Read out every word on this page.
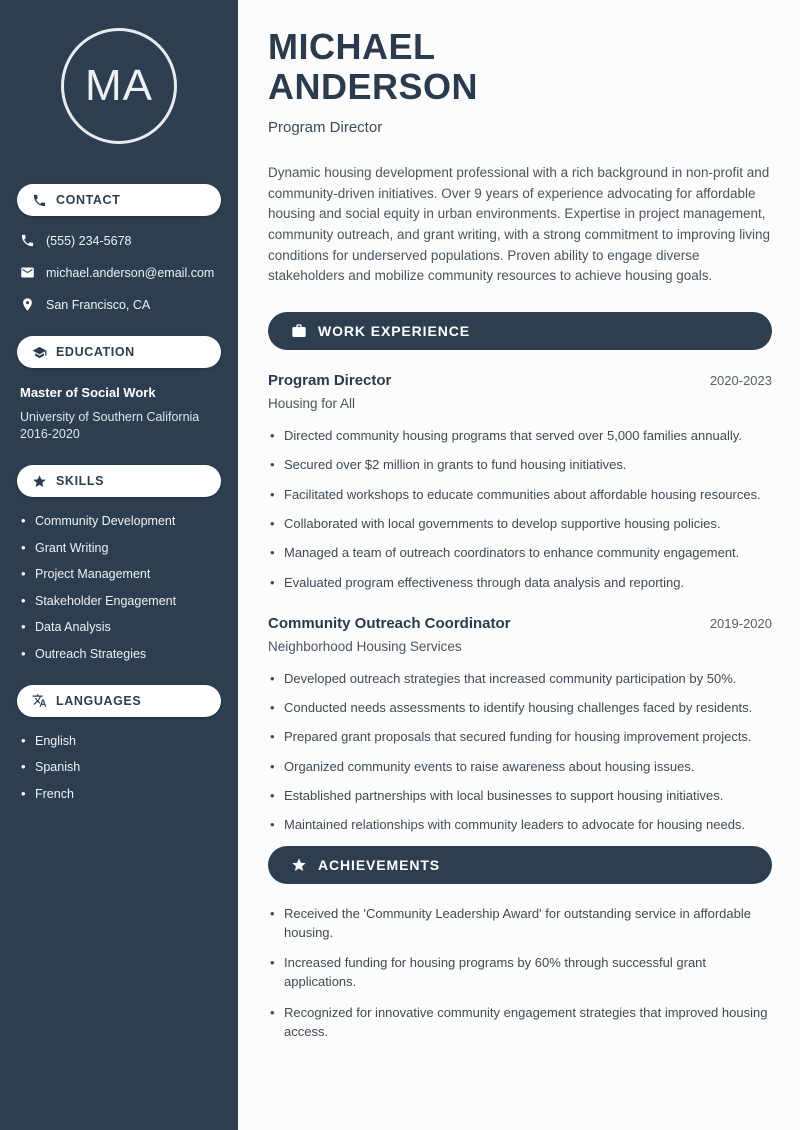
MA
CONTACT
(555) 234-5678
michael.anderson@email.com
San Francisco, CA
EDUCATION
Master of Social Work
University of Southern California
2016-2020
SKILLS
• Community Development
• Grant Writing
• Project Management
• Stakeholder Engagement
• Data Analysis
• Outreach Strategies
LANGUAGES
• English
• Spanish
• French
MICHAEL
ANDERSON
Program Director

Dynamic housing development professional with a rich background in non-profit and community-driven initiatives. Over 9 years of experience advocating for affordable housing and social equity in urban environments. Expertise in project management, community outreach, and grant writing, with a strong commitment to improving living conditions for underserved populations. Proven ability to engage diverse stakeholders and mobilize community resources to achieve housing goals.

WORK EXPERIENCE
Program Director	2020-2023
Housing for All
• Directed community housing programs that served over 5,000 families annually.
• Secured over $2 million in grants to fund housing initiatives.
• Facilitated workshops to educate communities about affordable housing resources.
• Collaborated with local governments to develop supportive housing policies.
• Managed a team of outreach coordinators to enhance community engagement.
• Evaluated program effectiveness through data analysis and reporting.
Community Outreach Coordinator	2019-2020
Neighborhood Housing Services
• Developed outreach strategies that increased community participation by 50%.
• Conducted needs assessments to identify housing challenges faced by residents.
• Prepared grant proposals that secured funding for housing improvement projects.
• Organized community events to raise awareness about housing issues.
• Established partnerships with local businesses to support housing initiatives.
• Maintained relationships with community leaders to advocate for housing needs.
ACHIEVEMENTS
• Received the 'Community Leadership Award' for outstanding service in affordable housing.
• Increased funding for housing programs by 60% through successful grant applications.
• Recognized for innovative community engagement strategies that improved housing access.
